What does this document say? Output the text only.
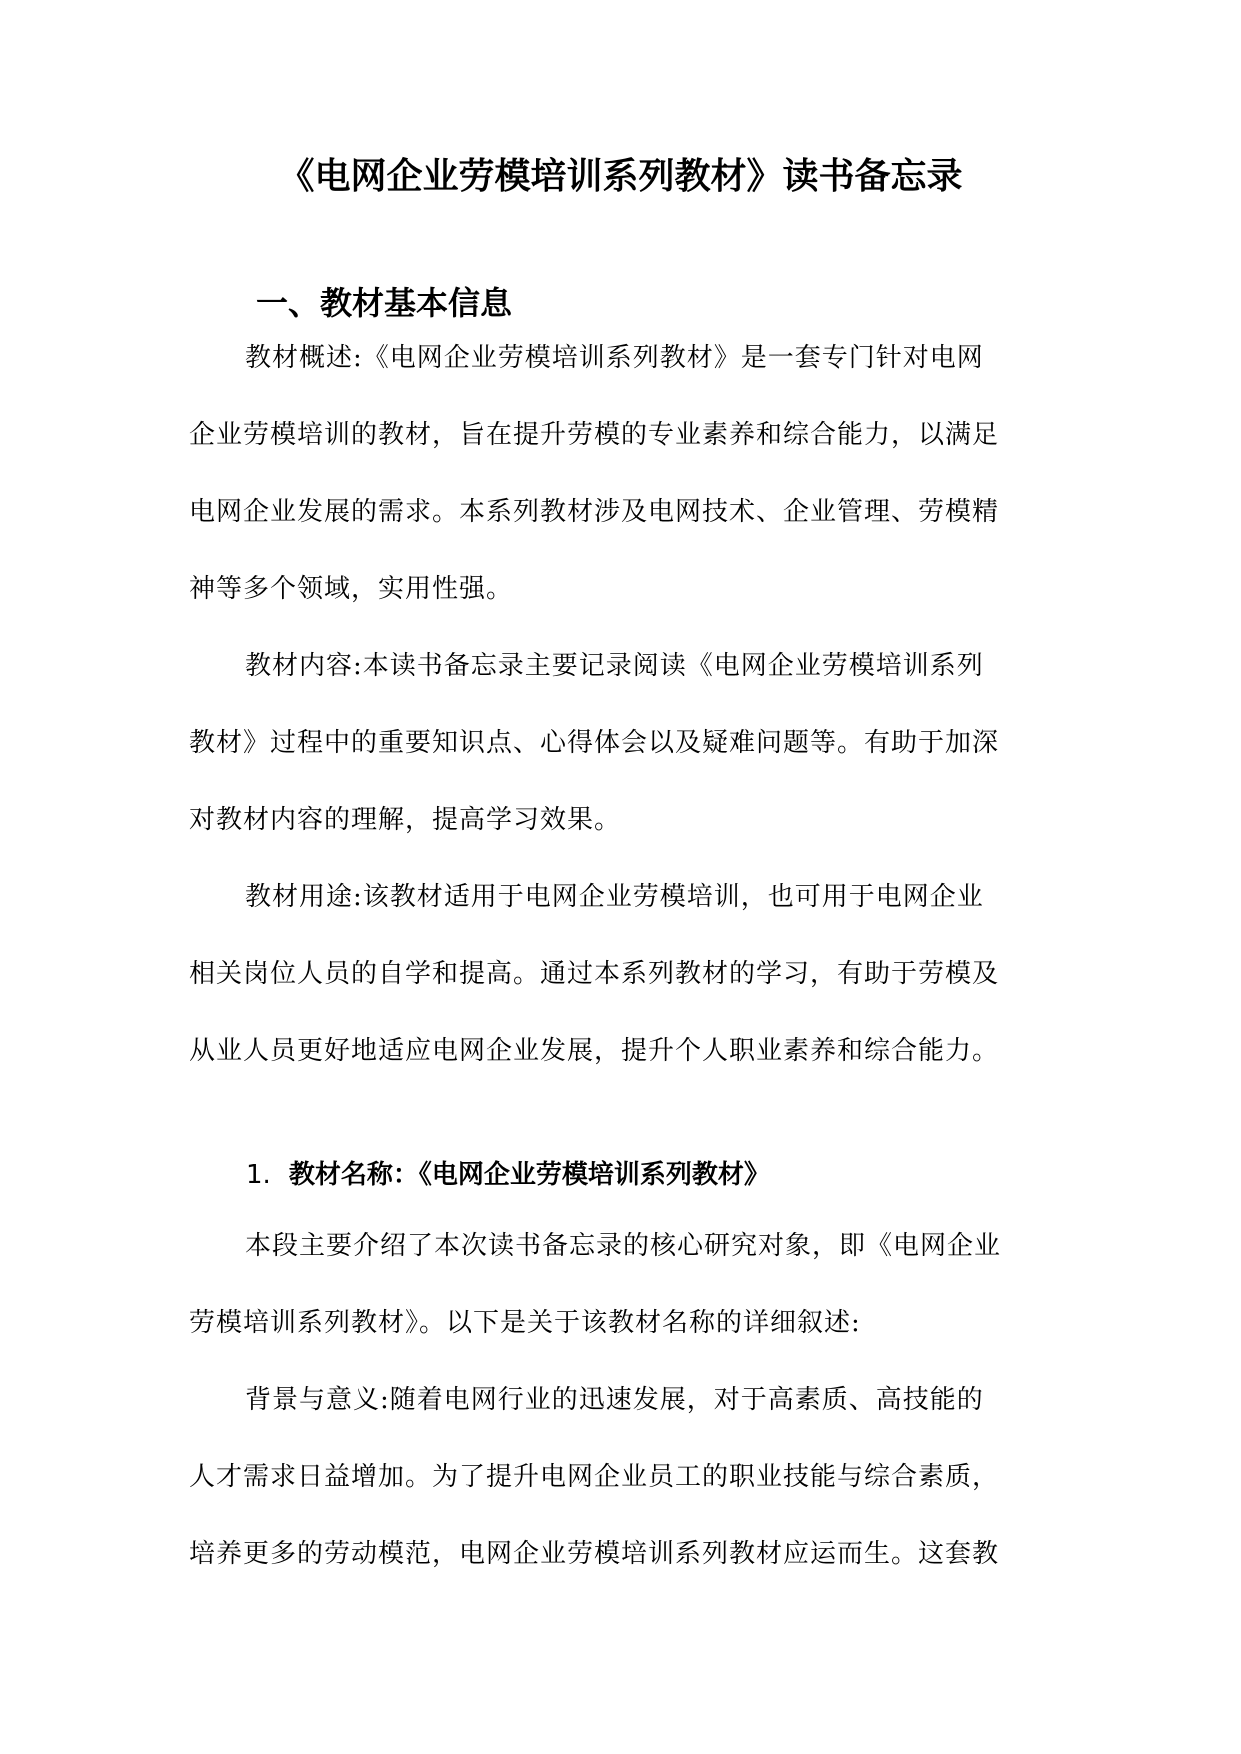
《电网企业劳模培训系列教材》读书备忘录
一、教材基本信息

教材概述:《电网企业劳模培训系列教材》是一套专门针对电网
企业劳模培训的教材，旨在提升劳模的专业素养和综合能力，以满足
电网企业发展的需求。本系列教材涉及电网技术、企业管理、劳模精
神等多个领域，实用性强。

教材内容:本读书备忘录主要记录阅读《电网企业劳模培训系列
教材》过程中的重要知识点、心得体会以及疑难问题等。有助于加深
对教材内容的理解，提高学习效果。

教材用途:该教材适用于电网企业劳模培训，也可用于电网企业
相关岗位人员的自学和提高。通过本系列教材的学习，有助于劳模及
从业人员更好地适应电网企业发展，提升个人职业素养和综合能力。

1. 教材名称：《电网企业劳模培训系列教材》

本段主要介绍了本次读书备忘录的核心研究对象，即《电网企业
劳模培训系列教材》。以下是关于该教材名称的详细叙述:

背景与意义:随着电网行业的迅速发展，对于高素质、高技能的
人才需求日益增加。为了提升电网企业员工的职业技能与综合素质，
培养更多的劳动模范，电网企业劳模培训系列教材应运而生。这套教
